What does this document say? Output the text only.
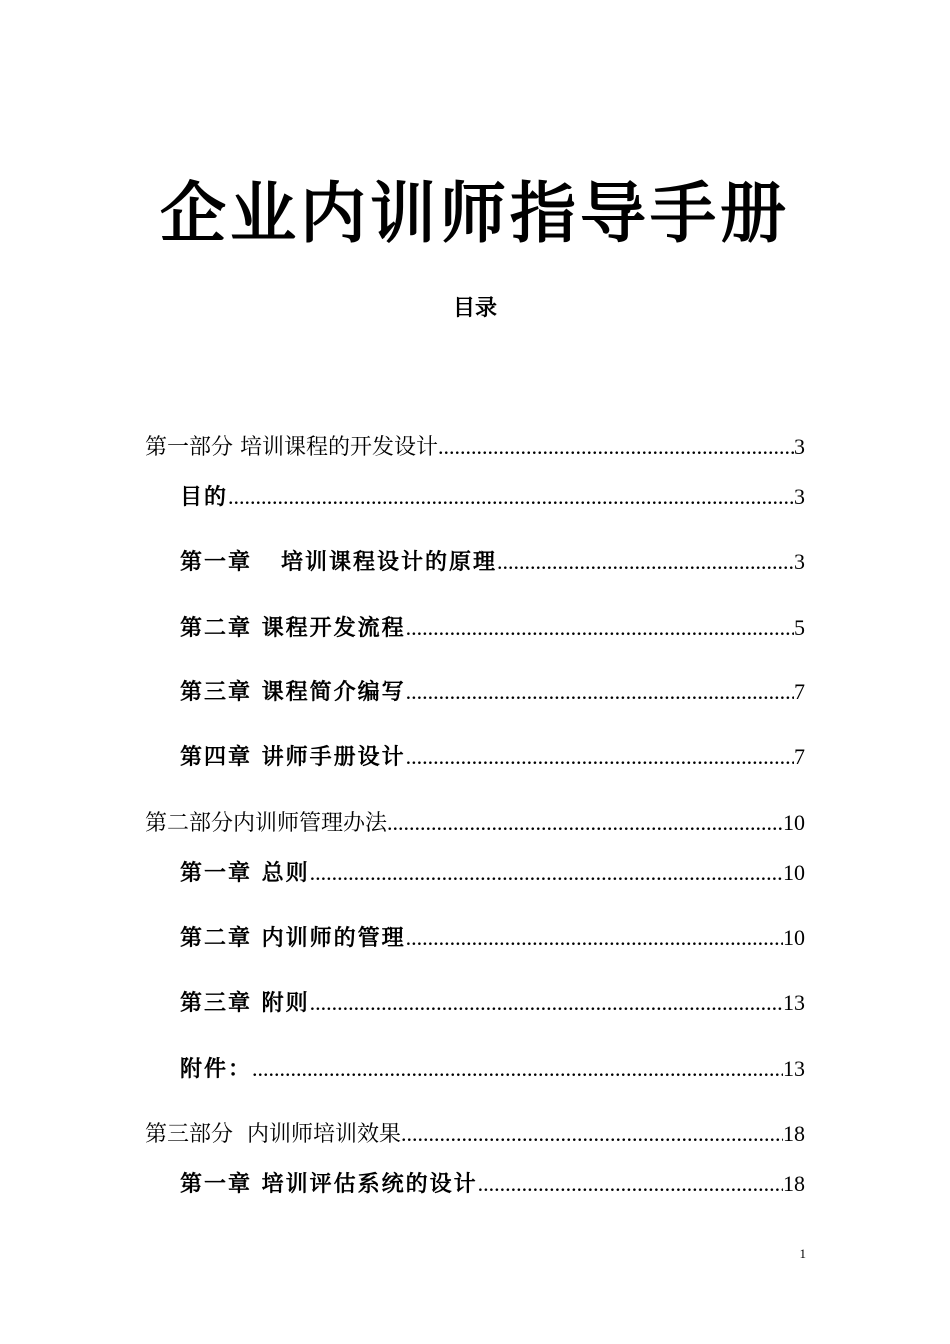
企业内训师指导手册
目录
第一部分 培训课程的开发设计 .....	3
目的 .....	3
第一章   培训课程设计的原理 .....	3
第二章 课程开发流程 .....	5
第三章 课程简介编写 .....	7
第四章 讲师手册设计 .....	7
第二部分内训师管理办法 .....	10
第一章 总则 .....	10
第二章 内训师的管理 .....	10
第三章 附则 .....	13
附件： .....	13
第三部分  内训师培训效果 .....	18
第一章 培训评估系统的设计 .....	18
1
